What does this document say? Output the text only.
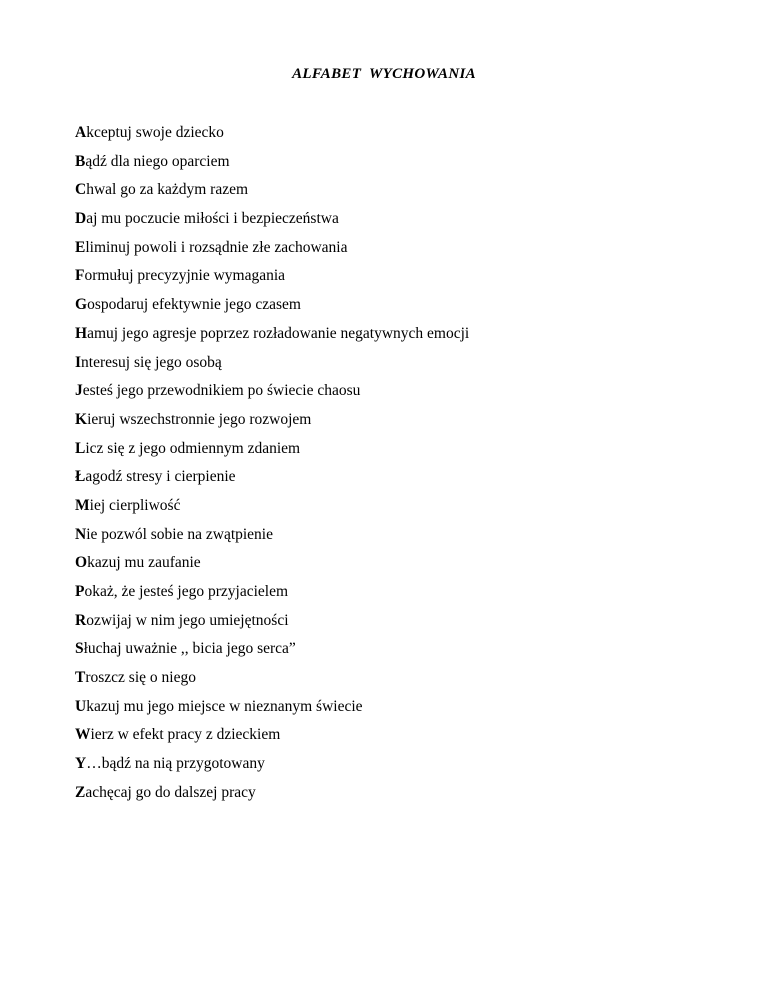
ALFABET  WYCHOWANIA
Akceptuj swoje dziecko
Bądź dla niego oparciem
Chwal go za każdym razem
Daj mu poczucie miłości i bezpieczeństwa
Eliminuj powoli i rozsądnie złe zachowania
Formułuj precyzyjnie wymagania
Gospodaruj efektywnie jego czasem
Hamuj jego agresje poprzez rozładowanie negatywnych emocji
Interesuj się jego osobą
Jesteś jego przewodnikiem po świecie chaosu
Kieruj wszechstronnie jego rozwojem
Licz się z jego odmiennym zdaniem
Łagodź stresy i cierpienie
Miej cierpliwość
Nie pozwól sobie na zwątpienie
Okazuj mu zaufanie
Pokaż, że jesteś jego przyjacielem
Rozwijaj w nim jego umiejętności
Słuchaj uważnie ,, bicia jego serca”
Troszcz się o niego
Ukazuj mu jego miejsce w nieznanym świecie
Wierz w efekt pracy z dzieckiem
Y…bądź na nią przygotowany
Zachęcaj go do dalszej pracy
